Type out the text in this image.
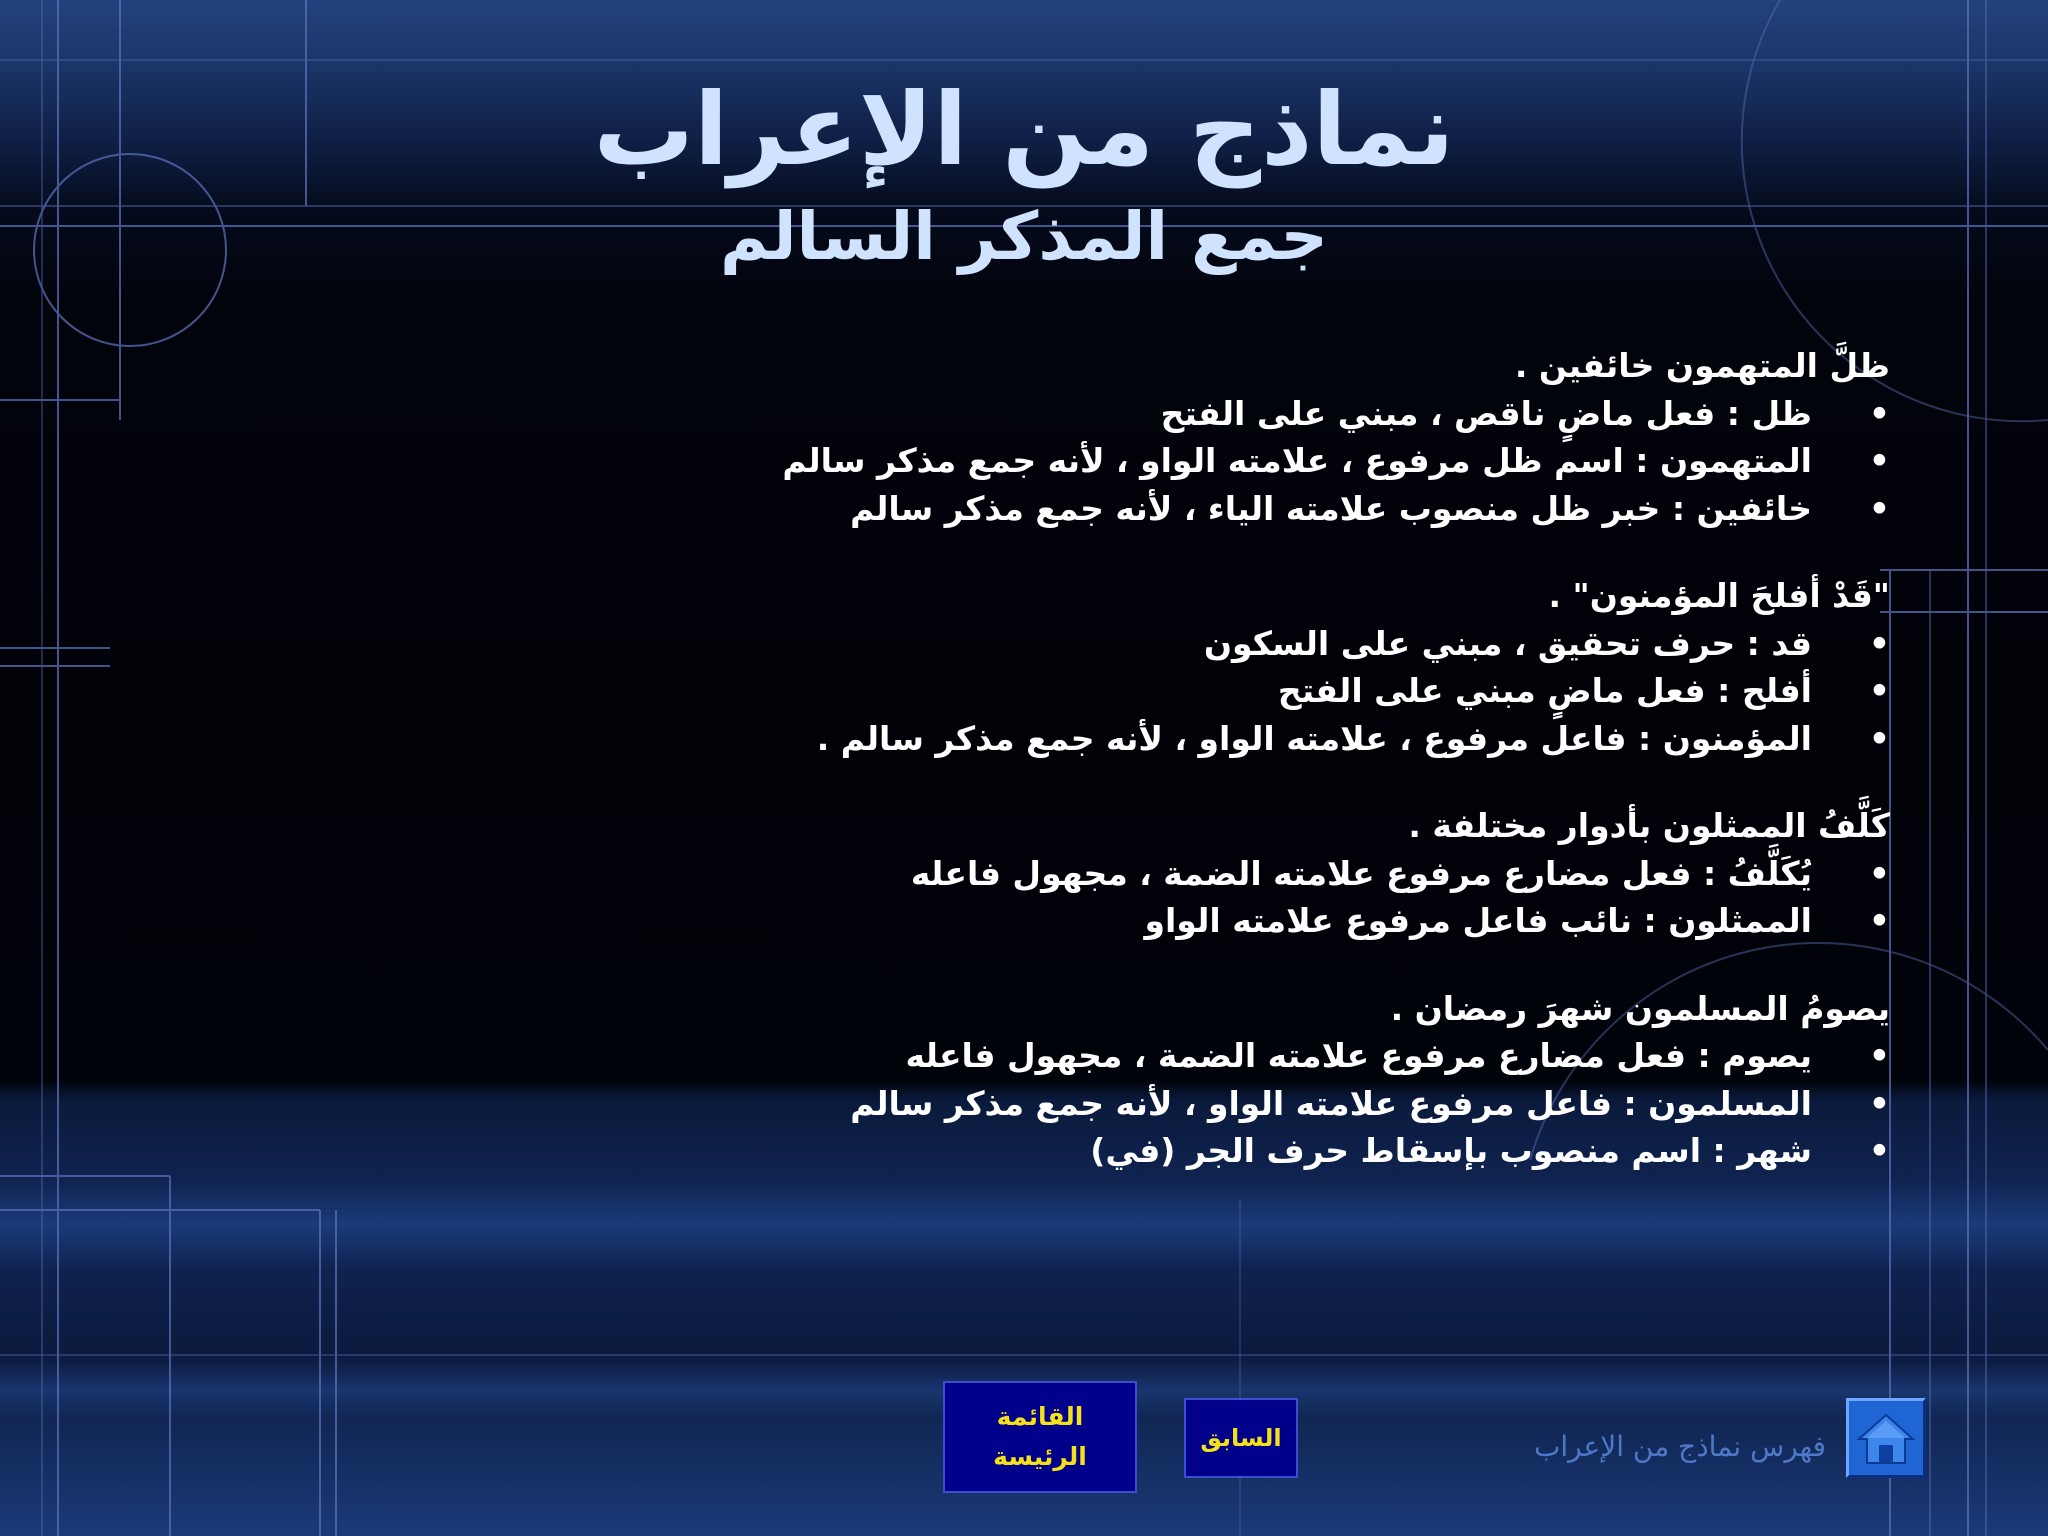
نماذج من الإعراب
جمع المذكر السالم
ظلَّ المتهمون خائفين .
• ظل : فعل ماضٍ ناقص ، مبني على الفتح
• المتهمون : اسم ظل مرفوع ، علامته الواو ، لأنه جمع مذكر سالم
• خائفين : خبر ظل منصوب علامته الياء ، لأنه جمع مذكر سالم
"قَدْ أفلحَ المؤمنون" .
• قد : حرف تحقيق ، مبني على السكون
• أفلح : فعل ماضٍ مبني على الفتح
• المؤمنون : فاعل مرفوع ، علامته الواو ، لأنه جمع مذكر سالم .
كَلَّفُ الممثلون بأدوار مختلفة .
• يُكَلَّفُ : فعل مضارع مرفوع علامته الضمة ، مجهول فاعله
• الممثلون : نائب فاعل مرفوع علامته الواو
يصومُ المسلمون شهرَ رمضان .
• يصوم : فعل مضارع مرفوع علامته الضمة ، مجهول فاعله
• المسلمون : فاعل مرفوع علامته الواو ، لأنه جمع مذكر سالم
• شهر : اسم منصوب بإسقاط حرف الجر (في)
القائمة
الرئيسة
السابق	فهرس نماذج من الإعراب
